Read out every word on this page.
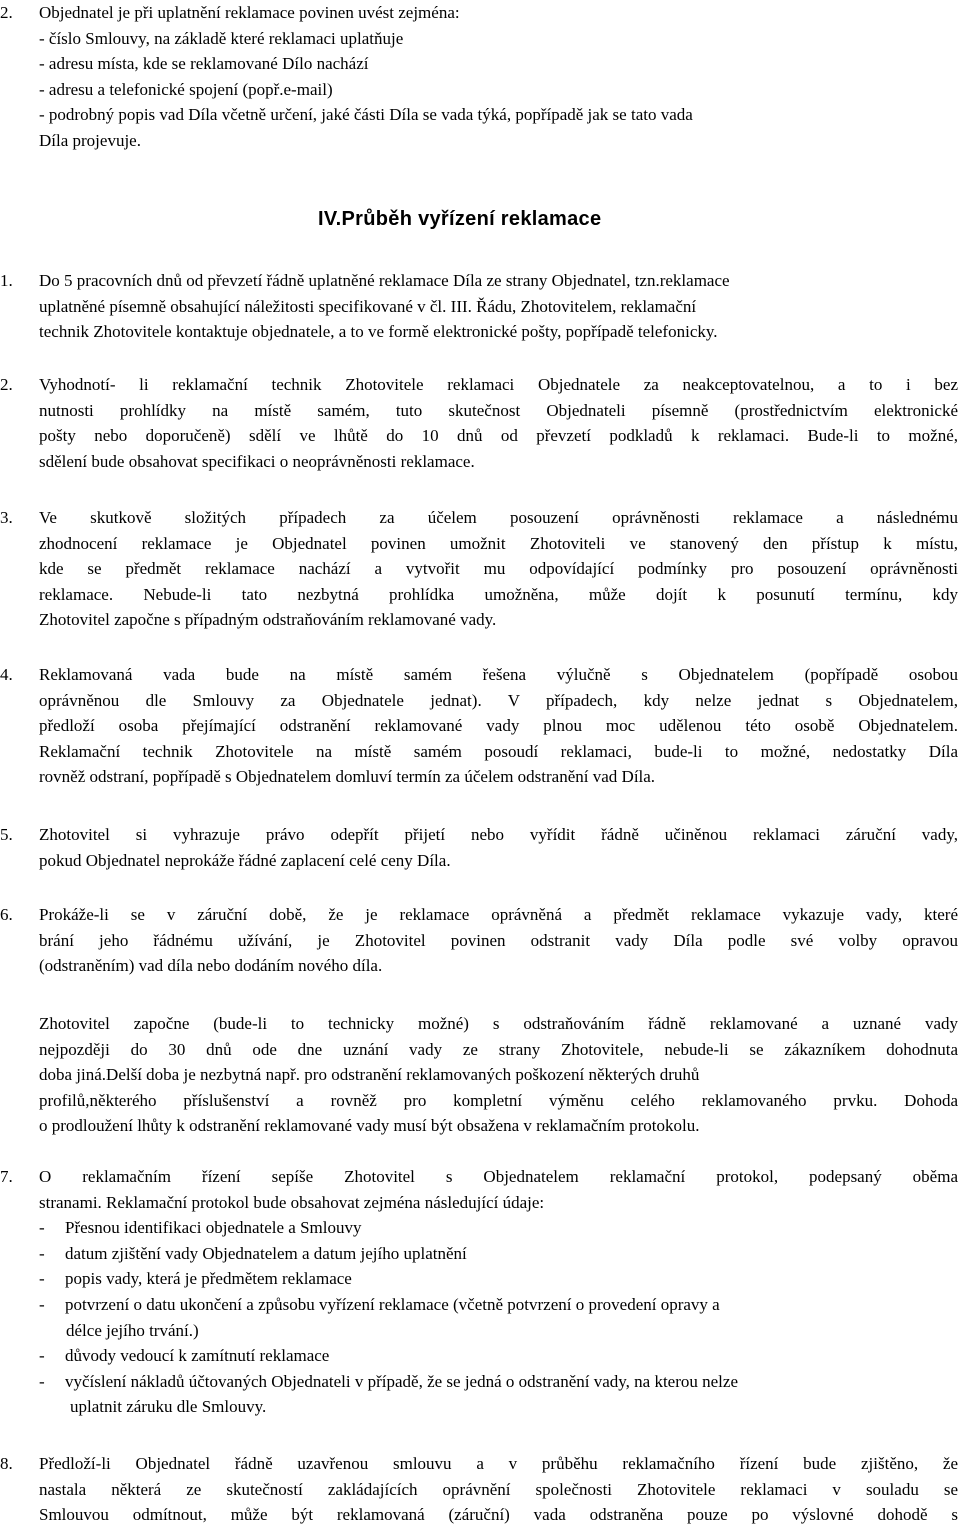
2. Objednatel je při uplatnění reklamace povinen uvést zejména:
- číslo Smlouvy, na základě které reklamaci uplatňuje
- adresu místa, kde se reklamované Dílo nachází
- adresu a telefonické spojení (popř.e-mail)
- podrobný popis vad Díla včetně určení, jaké části Díla se vada týká, popřípadě jak se tato vada
Díla projevuje.
IV.Průběh vyřízení reklamace
1. Do 5 pracovních dnů od převzetí řádně uplatněné reklamace Díla ze strany Objednatel, tzn.reklamace
uplatněné písemně obsahující náležitosti specifikované v čl. III. Řádu, Zhotovitelem, reklamační
technik Zhotovitele kontaktuje objednatele, a to ve formě elektronické pošty, popřípadě telefonicky.
2. Vyhodnotí- li reklamační technik Zhotovitele reklamaci Objednatele za neakceptovatelnou, a to i bez
nutnosti prohlídky na místě samém, tuto skutečnost Objednateli písemně (prostřednictvím elektronické
pošty nebo doporučeně) sdělí ve lhůtě do 10 dnů od převzetí podkladů k reklamaci. Bude-li to možné,
sdělení bude obsahovat specifikaci o neoprávněnosti reklamace.
3. Ve skutkově složitých případech za účelem posouzení oprávněnosti reklamace a následnému
zhodnocení reklamace je Objednatel povinen umožnit Zhotoviteli ve stanovený den přístup k místu,
kde se předmět reklamace nachází a vytvořit mu odpovídající podmínky pro posouzení oprávněnosti
reklamace. Nebude-li tato nezbytná prohlídka umožněna, může dojít k posunutí termínu, kdy
Zhotovitel započne s případným odstraňováním reklamované vady.
4. Reklamovaná vada bude na místě samém řešena výlučně s Objednatelem (popřípadě osobou
oprávněnou dle Smlouvy za Objednatele jednat). V případech, kdy nelze jednat s Objednatelem,
předloží osoba přejímající odstranění reklamované vady plnou moc udělenou této osobě Objednatelem.
Reklamační technik Zhotovitele na místě samém posoudí reklamaci, bude-li to možné, nedostatky Díla
rovněž odstraní, popřípadě s Objednatelem domluví termín za účelem odstranění vad Díla.
5. Zhotovitel si vyhrazuje právo odepřít přijetí nebo vyřídit řádně učiněnou reklamaci záruční vady,
pokud Objednatel neprokáže řádné zaplacení celé ceny Díla.
6. Prokáže-li se v záruční době, že je reklamace oprávněná a předmět reklamace vykazuje vady, které
brání jeho řádnému užívání, je Zhotovitel povinen odstranit vady Díla podle své volby opravou
(odstraněním) vad díla nebo dodáním nového díla.
Zhotovitel započne (bude-li to technicky možné) s odstraňováním řádně reklamované a uznané vady
nejpozději do 30 dnů ode dne uznání vady ze strany Zhotovitele, nebude-li se zákazníkem dohodnuta
doba jiná.Delší doba je nezbytná např. pro odstranění reklamovaných poškození některých druhů
profilů,některého příslušenství a rovněž pro kompletní výměnu celého reklamovaného prvku. Dohoda
o prodloužení lhůty k odstranění reklamované vady musí být obsažena v reklamačním protokolu.
7. O reklamačním řízení sepíše Zhotovitel s Objednatelem reklamační protokol, podepsaný oběma
stranami. Reklamační protokol bude obsahovat zejména následující údaje:
- Přesnou identifikaci objednatele a Smlouvy
- datum zjištění vady Objednatelem a datum jejího uplatnění
- popis vady, která je předmětem reklamace
- potvrzení o datu ukončení a způsobu vyřízení reklamace (včetně potvrzení o provedení opravy a
délce jejího trvání.)
- důvody vedoucí k zamítnutí reklamace
- vyčíslení nákladů účtovaných Objednateli v případě, že se jedná o odstranění vady, na kterou nelze
uplatnit záruku dle Smlouvy.
8. Předloží-li Objednatel řádně uzavřenou smlouvu a v průběhu reklamačního řízení bude zjištěno, že
nastala některá ze skutečností zakládajících oprávnění společnosti Zhotovitele reklamaci v souladu se
Smlouvou odmítnout, může být reklamovaná (záruční) vada odstraněna pouze po výslovné dohodě s
